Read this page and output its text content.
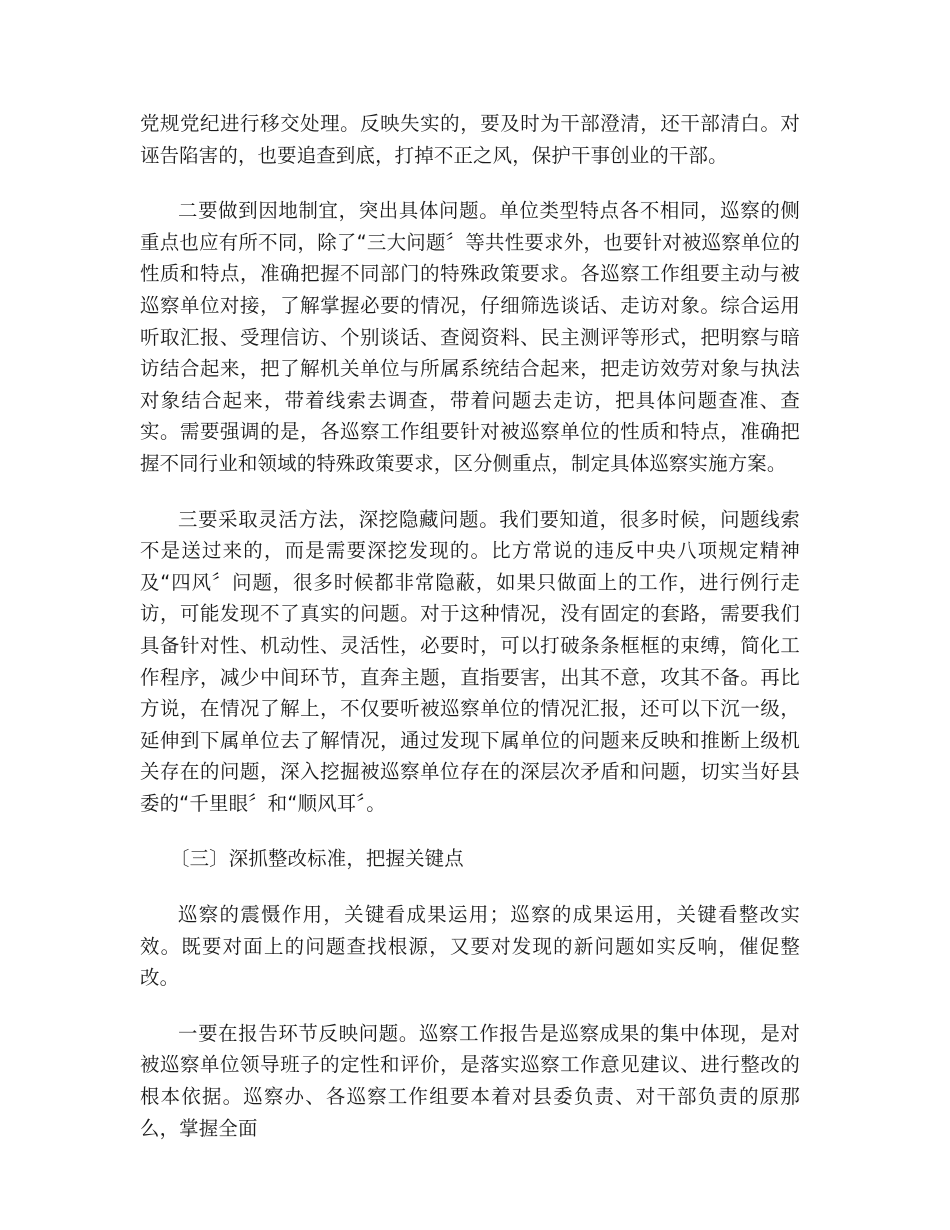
党规党纪进行移交处理。反映失实的，要及时为干部澄清，还干部清白。对诬告陷害的，也要追查到底，打掉不正之风，保护干事创业的干部。

二要做到因地制宜，突出具体问题。单位类型特点各不相同，巡察的侧重点也应有所不同，除了“三大问题〞等共性要求外，也要针对被巡察单位的性质和特点，准确把握不同部门的特殊政策要求。各巡察工作组要主动与被巡察单位对接，了解掌握必要的情况，仔细筛选谈话、走访对象。综合运用听取汇报、受理信访、个别谈话、查阅资料、民主测评等形式，把明察与暗访结合起来，把了解机关单位与所属系统结合起来，把走访效劳对象与执法对象结合起来，带着线索去调查，带着问题去走访，把具体问题查准、查实。需要强调的是，各巡察工作组要针对被巡察单位的性质和特点，准确把握不同行业和领域的特殊政策要求，区分侧重点，制定具体巡察实施方案。

三要采取灵活方法，深挖隐藏问题。我们要知道，很多时候，问题线索不是送过来的，而是需要深挖发现的。比方常说的违反中央八项规定精神及“四风〞问题，很多时候都非常隐蔽，如果只做面上的工作，进行例行走访，可能发现不了真实的问题。对于这种情况，没有固定的套路，需要我们具备针对性、机动性、灵活性，必要时，可以打破条条框框的束缚，简化工作程序，减少中间环节，直奔主题，直指要害，出其不意，攻其不备。再比方说，在情况了解上，不仅要听被巡察单位的情况汇报，还可以下沉一级，延伸到下属单位去了解情况，通过发现下属单位的问题来反映和推断上级机关存在的问题，深入挖掘被巡察单位存在的深层次矛盾和问题，切实当好县委的“千里眼〞和“顺风耳〞。

〔三〕深抓整改标准，把握关键点

巡察的震慑作用，关键看成果运用；巡察的成果运用，关键看整改实效。既要对面上的问题查找根源，又要对发现的新问题如实反响，催促整改。

一要在报告环节反映问题。巡察工作报告是巡察成果的集中体现，是对被巡察单位领导班子的定性和评价，是落实巡察工作意见建议、进行整改的根本依据。巡察办、各巡察工作组要本着对县委负责、对干部负责的原那么，掌握全面
